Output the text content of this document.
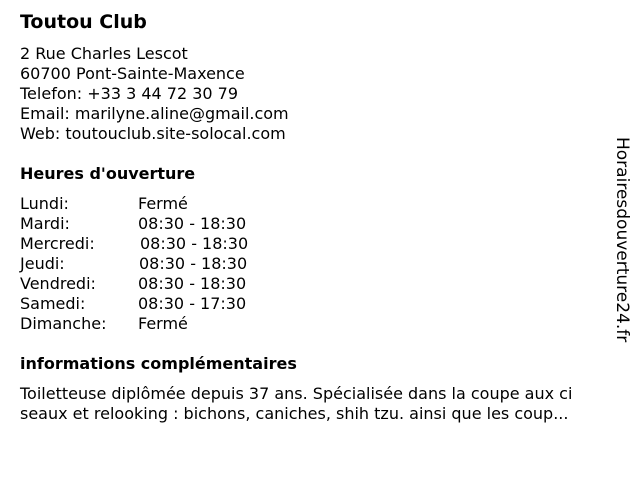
Toutou Club
2 Rue Charles Lescot
60700 Pont-Sainte-Maxence
Telefon: +33 3 44 72 30 79
Email: marilyne.aline@gmail.com
Web: toutouclub.site-solocal.com
Heures d'ouverture
Lundi:	Fermé
Mardi:	08:30 - 18:30
Mercredi:	08:30 - 18:30
Jeudi:	08:30 - 18:30
Vendredi:	08:30 - 18:30
Samedi:	08:30 - 17:30
Dimanche: Fermé
informations complémentaires
Toiletteuse diplômée depuis 37 ans. Spécialisée dans la coupe aux ci
seaux et relooking : bichons, caniches, shih tzu. ainsi que les coup...
Horairesdouverture24.fr
